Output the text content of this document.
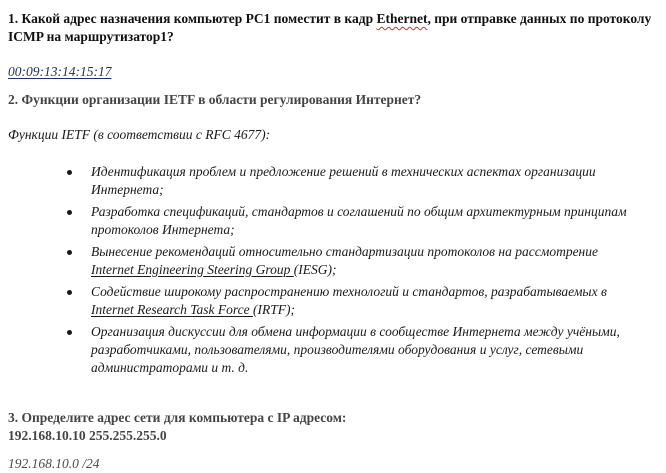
1. Какой адрес назначения компьютер PC1 поместит в кадр Ethernet, при отправке данных по протоколу ICMP на маршрутизатор1?

00:09:13:14:15:17

2. Функции организации IETF в области регулирования Интернет?

Функции IETF (в соответствии с RFC 4677):

Идентификация проблем и предложение решений в технических аспектах организации Интернета;
Разработка спецификаций, стандартов и соглашений по общим архитектурным принципам протоколов Интернета;
Вынесение рекомендаций относительно стандартизации протоколов на рассмотрение Internet Engineering Steering Group (IESG);
Содействие широкому распространению технологий и стандартов, разрабатываемых в Internet Research Task Force (IRTF);
Организация дискуссии для обмена информации в сообществе Интернета между учёными, разработчиками, пользователями, производителями оборудования и услуг, сетевыми администраторами и т. д.

3. Определите адрес сети для компьютера с IP адресом:

192.168.10.10 255.255.255.0

192.168.10.0 /24
